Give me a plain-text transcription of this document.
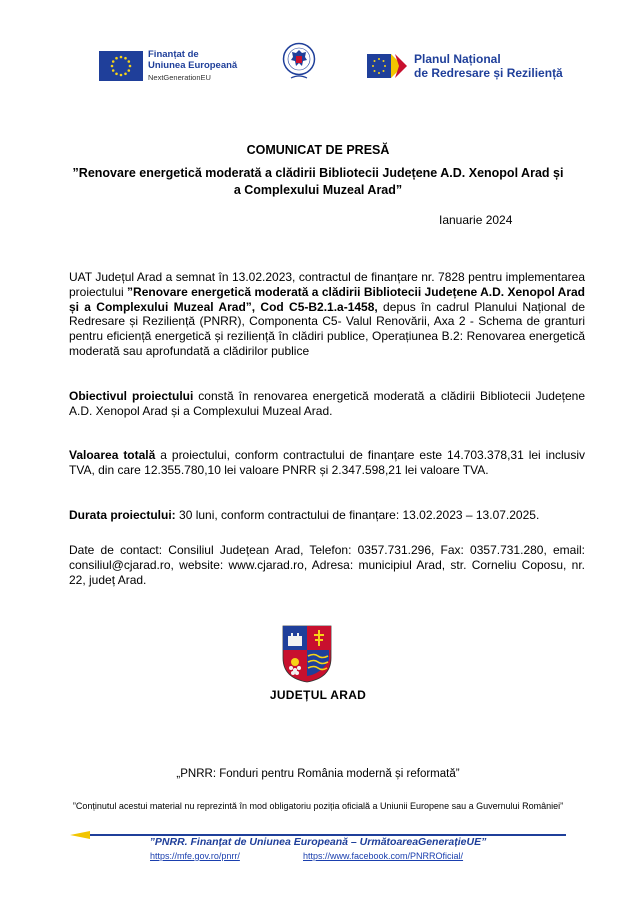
Finanțat de
Uniunea Europeană
NextGenerationEU
Planul Național
de Redresare și Reziliență
COMUNICAT DE PRESĂ
”Renovare energetică moderată a clădirii Bibliotecii Județene A.D. Xenopol Arad și
a Complexului Muzeal Arad”
Ianuarie 2024
UAT Județul Arad a semnat în 13.02.2023, contractul de finanțare nr. 7828 pentru implementarea proiectului ”Renovare energetică moderată a clădirii Bibliotecii Județene A.D. Xenopol Arad și a Complexului Muzeal Arad”, Cod C5-B2.1.a-1458, depus în cadrul Planului Național de Redresare și Reziliență (PNRR), Componenta C5- Valul Renovării, Axa 2 - Schema de granturi pentru eficiență energetică și reziliență în clădiri publice, Operațiunea B.2: Renovarea energetică moderată sau aprofundată a clădirilor publice
Obiectivul proiectului constă în renovarea energetică moderată a clădirii Bibliotecii Județene A.D. Xenopol Arad și a Complexului Muzeal Arad.
Valoarea totală a proiectului, conform contractului de finanțare este 14.703.378,31 lei inclusiv TVA, din care 12.355.780,10 lei valoare PNRR și 2.347.598,21 lei valoare TVA.
Durata proiectului: 30 luni, conform contractului de finanțare: 13.02.2023 – 13.07.2025.
Date de contact: Consiliul Județean Arad, Telefon: 0357.731.296, Fax: 0357.731.280, email: consiliul@cjarad.ro, website: www.cjarad.ro, Adresa: municipiul Arad, str. Corneliu Coposu, nr. 22, județ Arad.
JUDEȚUL ARAD
„PNRR: Fonduri pentru România modernă și reformată”
”Conținutul acestui material nu reprezintă în mod obligatoriu poziția oficială a Uniunii Europene sau a Guvernului României”
”PNRR. Finanțat de Uniunea Europeană – UrmătoareaGenerațieUE”
https://mfe.gov.ro/pnrr/	https://www.facebook.com/PNRROficial/
